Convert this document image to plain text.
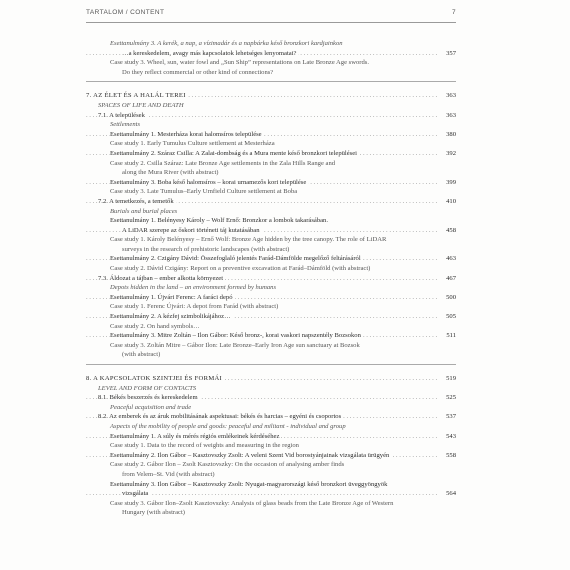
TARTALOM / CONTENT	7
Esettanulmány 3. A kerék, a nap, a vízimadár és a napbárka késő bronzkori kardjainkon
. . .
…a kereskedelem, avagy más kapcsolatok lehetséges lenyomatai?	357
Case study 3. Wheel, sun, water fowl and „Sun Ship” representations on Late Bronze Age swords.
Do they reflect commercial or other kind of connections?
. . .
7. AZ ÉLET ÉS A HALÁL TEREI	363
SPACES OF LIFE AND DEATH
. . .
7.1. A települések	363
Settlements
. . .
Esettanulmány 1. Mesterháza korai halomsíros települése	380
Case study 1. Early Tumulus Culture settlement at Mesterháza
. . .
Esettanulmány 2. Száraz Csilla: A Zalai-dombság és a Mura mente késő bronzkori települései	392
Case study 2. Csilla Száraz: Late Bronze Age settlements in the Zala Hills Range and
along the Mura River (with abstract)
. . .
Esettanulmány 3. Boba késő halomsíros – korai urnamezős kori települése	399
Case study 3. Late Tumulus–Early Urnfield Culture settlement at Boba
. . .
7.2. A temetkezés, a temetők	410
Burials and burial places
Esettanulmány 1. Belényesy Károly – Wolf Ernő: Bronzkor a lombok takarásában.
. . .
A LiDAR szerepe az őskori történeti táj kutatásában	458
Case study 1. Károly Belényesy – Ernő Wolf: Bronze Age hidden by the tree canopy. The role of LiDAR
surveys in the research of prehistoric landscapes (with abstract)
. . .
Esettanulmány 2. Czigány Dávid: Összefoglaló jelentés Farád-Dámfölde megelőző feltárásáról	463
Case study 2. Dávid Czigány: Report on a preventive excavation at Farád–Dámföld (with abstract)
. . .
7.3. Áldozat a tájban – ember alkotta környezet	467
Depots hidden in the land – an environment formed by humans
. . .
Esettanulmány 1. Újvári Ferenc: A faráci depó	500
Case study 1. Ferenc Újvári: A depot from Farád (with abstract)
. . .
Esettanulmány 2. A kézfej szimbolikájához…	505
Case study 2. On hand symbols…
. . .
Esettanulmány 3. Mitre Zoltán – Ilon Gábor: Késő bronz-, korai vaskori napszentély Bozsokon	511
Case study 3. Zoltán Mitre – Gábor Ilon: Late Bronze–Early Iron Age sun sanctuary at Bozsok
(with abstract)
. . .
8. A KAPCSOLATOK SZINTJEI ÉS FORMÁI	519
LEVEL AND FORM OF CONTACTS
. . .
8.1. Békés beszerzés és kereskedelem	525
Peaceful acquisition and trade
. . .
8.2. Az emberek és az áruk mobilitásának aspektusai: békés és harcias – egyéni és csoportos	537
Aspects of the mobility of people and goods: peaceful and militant - individual and group
. . .
Esettanulmány 1. A súly és mérés régiós emlékeinek kérdéséhez	543
Case study 1. Data to the record of weights and measuring in the region
. . .
Esettanulmány 2. Ilon Gábor – Kasztovszky Zsolt: A veleni Szent Vid borostyánjainak vizsgálata ürügyén	558
Case study 2. Gábor Ilon – Zsolt Kasztovszky: On the occasion of analysing amber finds
from Velem–St. Vid (with abstract)
Esettanulmány 3. Ilon Gábor – Kasztovszky Zsolt: Nyugat-magyarországi késő bronzkori üveggyöngyök
. . .
vizsgálata	564
Case study 3. Gábor Ilon–Zsolt Kasztovszky: Analysis of glass beads from the Late Bronze Age of Western
Hungary (with abstract)
